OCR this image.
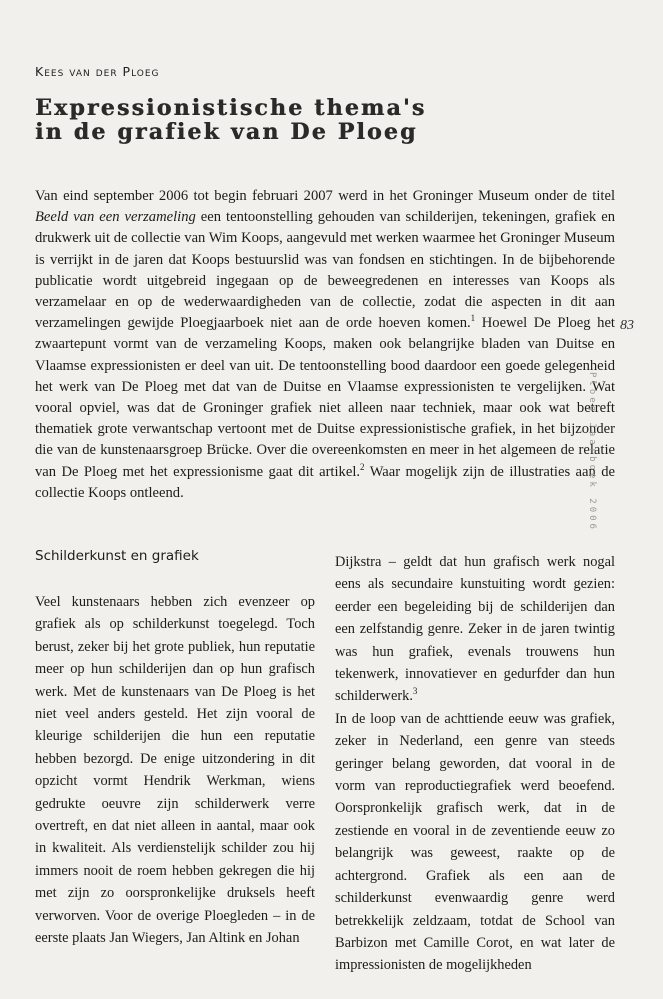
Kees van der Ploeg
Expressionistische thema's
in de grafiek van De Ploeg

Van eind september 2006 tot begin februari 2007 werd in het Groninger Museum onder de titel Beeld van een verzameling een tentoonstelling gehouden van schilderijen, tekeningen, grafiek en drukwerk uit de collectie van Wim Koops, aangevuld met werken waarmee het Groninger Museum is verrijkt in de jaren dat Koops bestuurslid was van fondsen en stichtingen. In de bijbehorende publicatie wordt uitgebreid ingegaan op de beweegredenen en interesses van Koops als verzamelaar en op de wederwaardigheden van de collectie, zodat die aspecten in dit aan verzamelingen gewijde Ploegjaarboek niet aan de orde hoeven komen.$^1$ Hoewel De Ploeg het zwaartepunt vormt van de verzameling Koops, maken ook belangrijke bladen van Duitse en Vlaamse expressionisten er deel van uit. De tentoonstelling bood daardoor een goede gelegenheid het werk van De Ploeg met dat van de Duitse en Vlaamse expressionisten te vergelijken. Wat vooral opviel, was dat de Groninger grafiek niet alleen naar techniek, maar ook wat betreft thematiek grote verwantschap vertoont met de Duitse expressionistische grafiek, in het bijzonder die van de kunstenaarsgroep Brücke. Over die overeenkomsten en meer in het algemeen de relatie van De Ploeg met het expressionisme gaat dit artikel.$^2$ Waar mogelijk zijn de illustraties aan de collectie Koops ontleend.

Schilderkunst en grafiek

Veel kunstenaars hebben zich evenzeer op grafiek als op schilderkunst toegelegd. Toch berust, zeker bij het grote publiek, hun reputatie meer op hun schilderijen dan op hun grafisch werk. Met de kunstenaars van De Ploeg is het niet veel anders gesteld. Het zijn vooral de kleurige schilderijen die hun een reputatie hebben bezorgd. De enige uitzondering in dit opzicht vormt Hendrik Werkman, wiens gedrukte oeuvre zijn schilderwerk verre overtreft, en dat niet alleen in aantal, maar ook in kwaliteit. Als verdienstelijk schilder zou hij immers nooit de roem hebben gekregen die hij met zijn zo oorspronkelijke druksels heeft verworven. Voor de overige Ploegleden – in de eerste plaats Jan Wiegers, Jan Altink en Johan

Dijkstra – geldt dat hun grafisch werk nogal eens als secundaire kunstuiting wordt gezien: eerder een begeleiding bij de schilderijen dan een zelfstandig genre. Zeker in de jaren twintig was hun grafiek, evenals trouwens hun tekenwerk, innovatiever en gedurfder dan hun schilderwerk.$^3$

In de loop van de achttiende eeuw was grafiek, zeker in Nederland, een genre van steeds geringer belang geworden, dat vooral in de vorm van reproductiegrafiek werd beoefend. Oorspronkelijk grafisch werk, dat in de zestiende en vooral in de zeventiende eeuw zo belangrijk was geweest, raakte op de achtergrond. Grafiek als een aan de schilderkunst evenwaardig genre werd betrekkelijk zeldzaam, totdat de School van Barbizon met Camille Corot, en wat later de impressionisten de mogelijkheden

83
Ploeg Jaarboek 2006
